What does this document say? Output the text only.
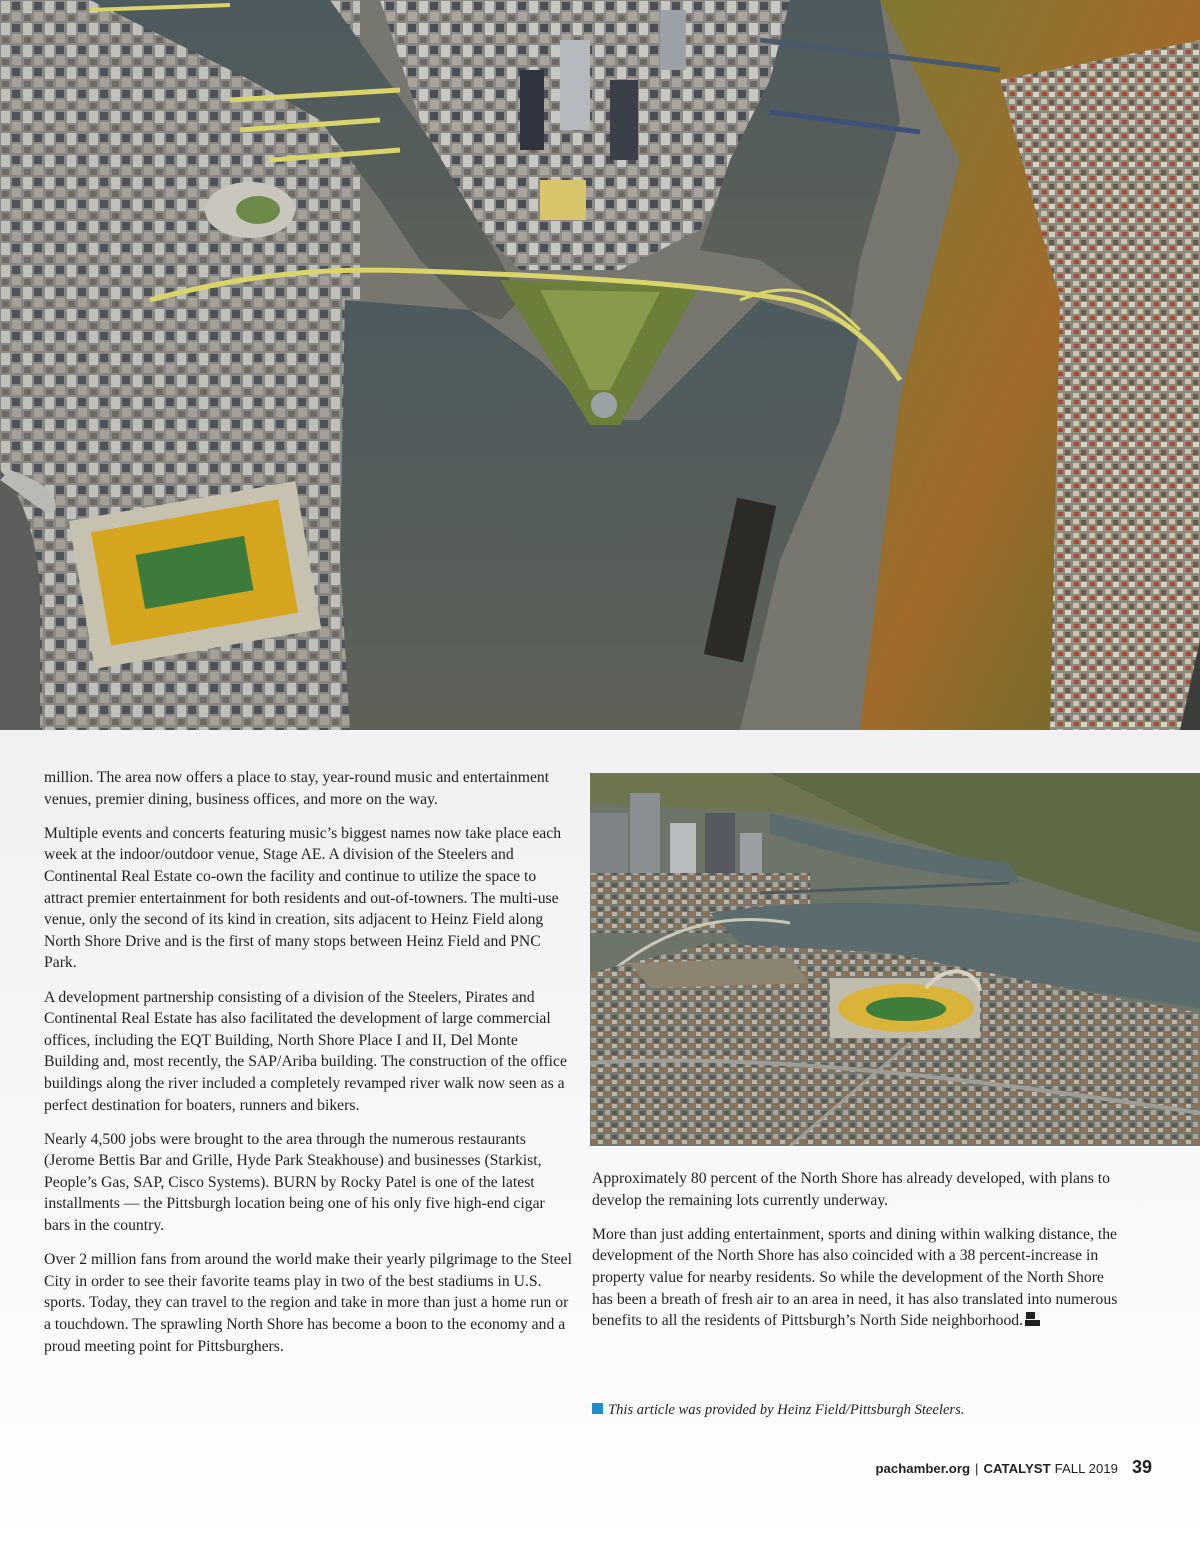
million. The area now offers a place to stay, year-round music and entertainment venues, premier dining, business offices, and more on the way.

Multiple events and concerts featuring music’s biggest names now take place each week at the indoor/outdoor venue, Stage AE. A division of the Steelers and Continental Real Estate co-own the facility and continue to utilize the space to attract premier entertainment for both residents and out-of-towners. The multi-use venue, only the second of its kind in creation, sits adjacent to Heinz Field along North Shore Drive and is the first of many stops between Heinz Field and PNC Park.

A development partnership consisting of a division of the Steelers, Pirates and Continental Real Estate has also facilitated the development of large commercial offices, including the EQT Building, North Shore Place I and II, Del Monte Building and, most recently, the SAP/Ariba building. The construction of the office buildings along the river included a completely revamped river walk now seen as a perfect destination for boaters, runners and bikers.

Nearly 4,500 jobs were brought to the area through the numerous restaurants (Jerome Bettis Bar and Grille, Hyde Park Steakhouse) and businesses (Starkist, People’s Gas, SAP, Cisco Systems). BURN by Rocky Patel is one of the latest installments — the Pittsburgh location being one of his only five high-end cigar bars in the country.

Over 2 million fans from around the world make their yearly pilgrimage to the Steel City in order to see their favorite teams play in two of the best stadiums in U.S. sports. Today, they can travel to the region and take in more than just a home run or a touchdown. The sprawling North Shore has become a boon to the economy and a proud meeting point for Pittsburghers.

Approximately 80 percent of the North Shore has already developed, with plans to develop the remaining lots currently underway.

More than just adding entertainment, sports and dining within walking distance, the development of the North Shore has also coincided with a 38 percent-increase in property value for nearby residents. So while the development of the North Shore has been a breath of fresh air to an area in need, it has also translated into numerous benefits to all the residents of Pittsburgh’s North Side neighborhood.

This article was provided by Heinz Field/Pittsburgh Steelers.
pachamber.org | CATALYST FALL 2019 39
